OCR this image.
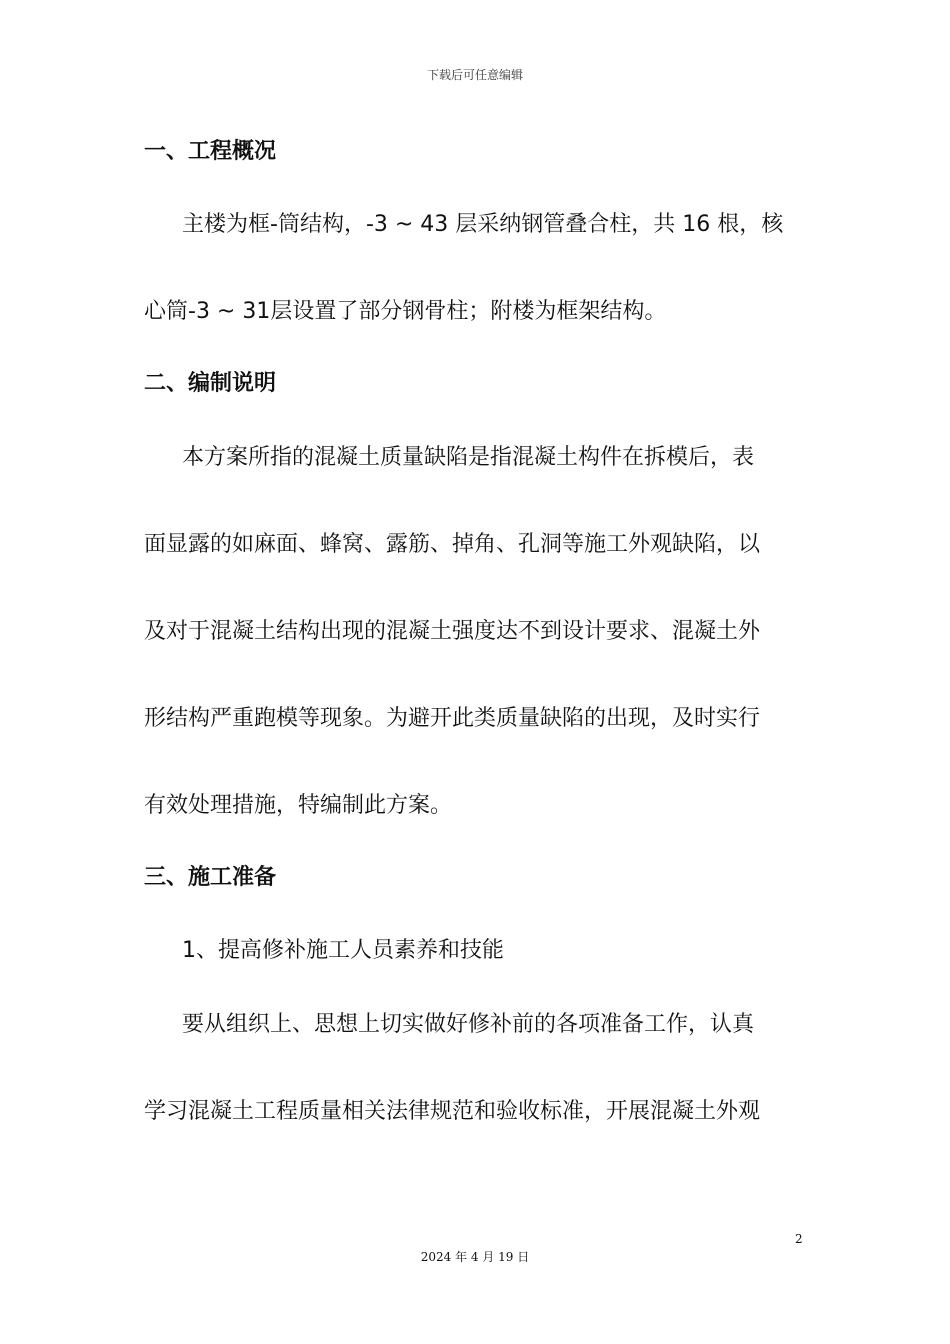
下载后可任意编辑
一、工程概况
主楼为框-筒结构，-3 ~ 43 层采纳钢管叠合柱，共 16 根，核
心筒-3 ~ 31层设置了部分钢骨柱；附楼为框架结构。
二、编制说明
本方案所指的混凝土质量缺陷是指混凝土构件在拆模后，表
面显露的如麻面、蜂窝、露筋、掉角、孔洞等施工外观缺陷，以
及对于混凝土结构出现的混凝土强度达不到设计要求、混凝土外
形结构严重跑模等现象。为避开此类质量缺陷的出现，及时实行
有效处理措施，特编制此方案。
三、施工准备
1、提高修补施工人员素养和技能
要从组织上、思想上切实做好修补前的各项准备工作，认真
学习混凝土工程质量相关法律规范和验收标准，开展混凝土外观
2
2024 年 4 月 19 日
